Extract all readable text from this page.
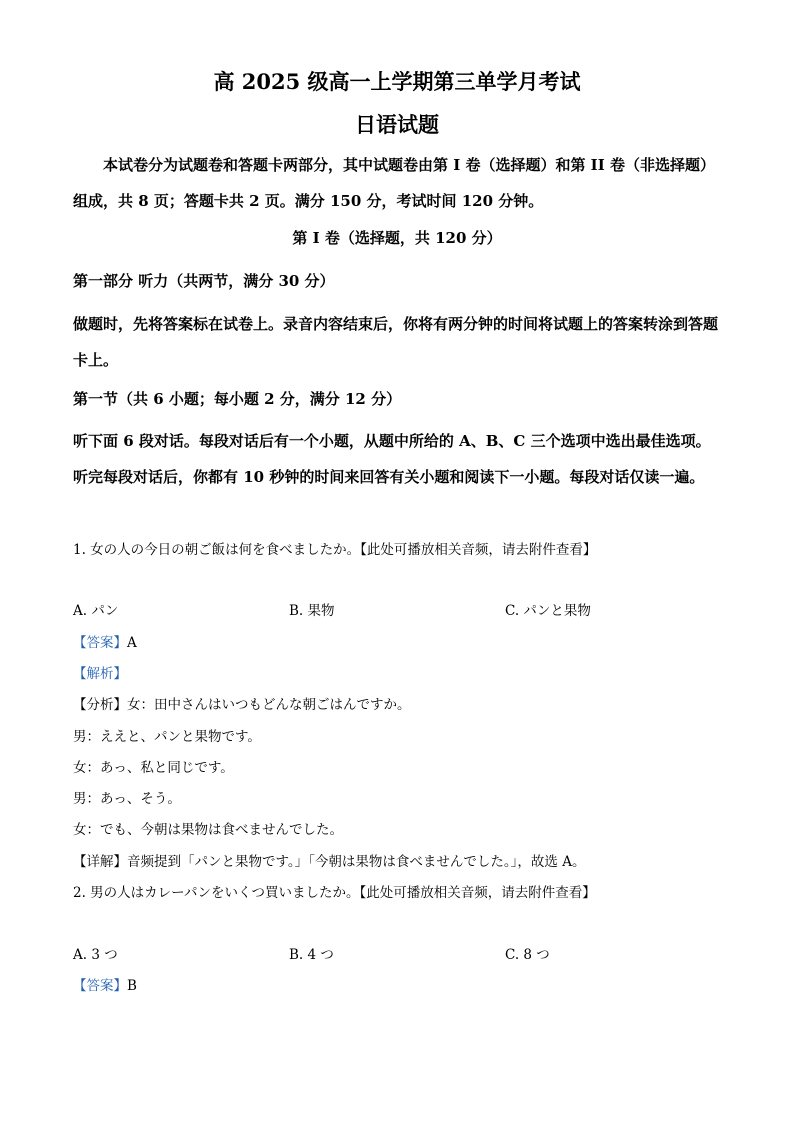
高 2025 级高一上学期第三单学月考试
日语试题
本试卷分为试题卷和答题卡两部分，其中试题卷由第 I 卷（选择题）和第 II 卷（非选择题）组成，共 8 页；答题卡共 2 页。满分 150 分，考试时间 120 分钟。
第 I 卷（选择题，共 120 分）
第一部分 听力（共两节，满分 30 分）
做题时，先将答案标在试卷上。录音内容结束后，你将有两分钟的时间将试题上的答案转涂到答题卡上。
第一节（共 6 小题；每小题 2 分，满分 12 分）
听下面 6 段对话。每段对话后有一个小题，从题中所给的 A、B、C 三个选项中选出最佳选项。听完每段对话后，你都有 10 秒钟的时间来回答有关小题和阅读下一小题。每段对话仅读一遍。
1. 女の人の今日の朝ご飯は何を食べましたか。【此处可播放相关音频，请去附件查看】
A. パン	B. 果物	C. パンと果物
【答案】A
【解析】
【分析】女：田中さんはいつもどんな朝ごはんですか。
男：ええと、パンと果物です。
女：あっ、私と同じです。
男：あっ、そう。
女：でも、今朝は果物は食べませんでした。
【详解】音频提到「パンと果物です。」「今朝は果物は食べませんでした。」，故选 A。
2. 男の人はカレーパンをいくつ買いましたか。【此处可播放相关音频，请去附件查看】
A. 3 つ	B. 4 つ	C. 8 つ
【答案】B
